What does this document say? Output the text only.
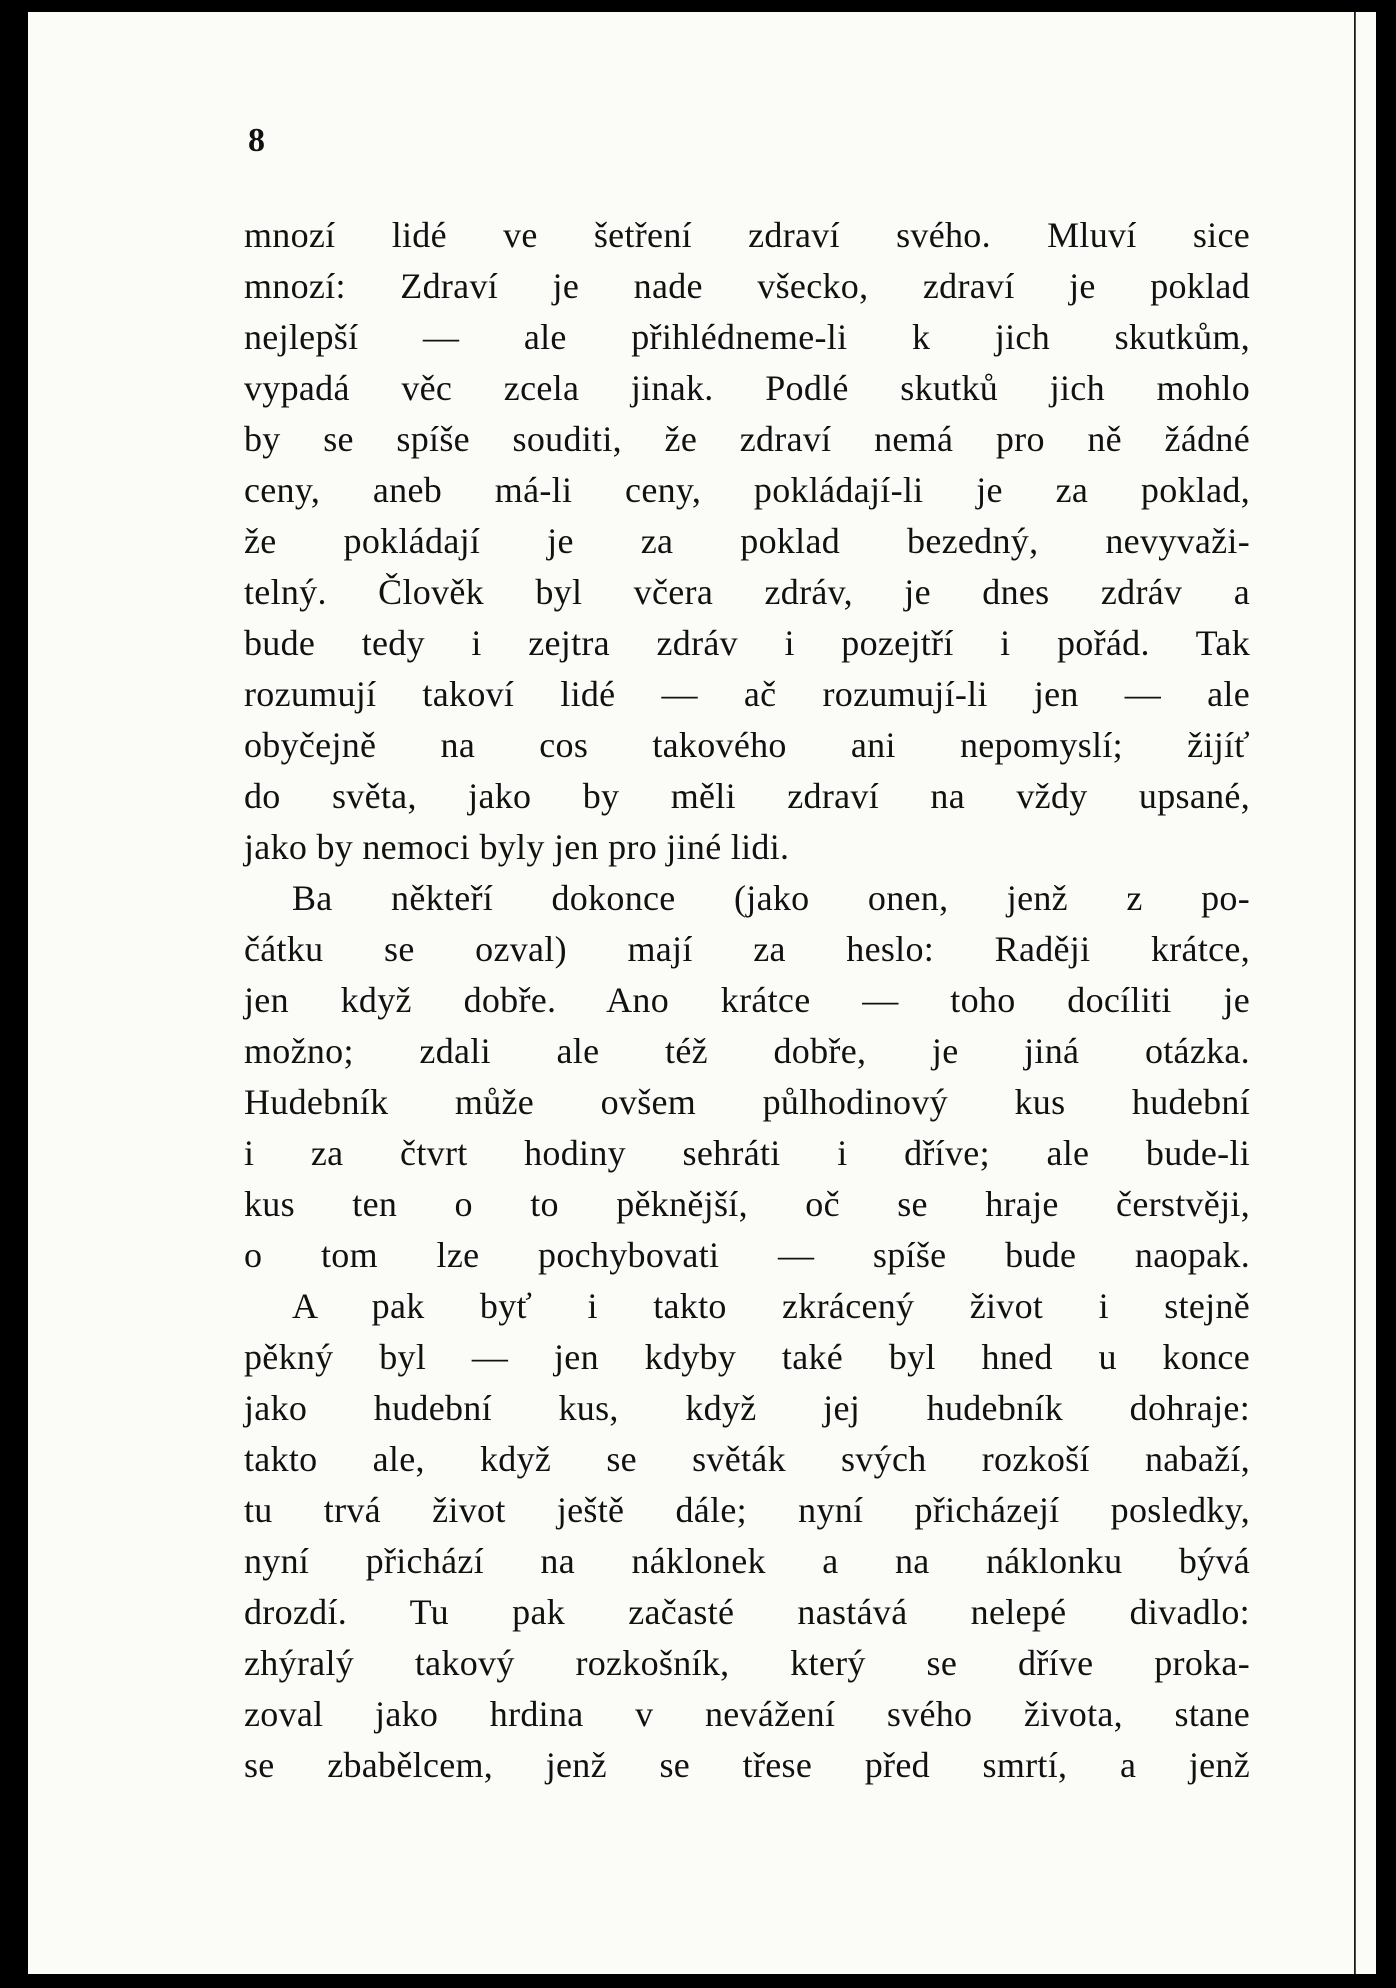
8
mnozí lidé ve šetření zdraví svého. Mluví sice
mnozí: Zdraví je nade všecko, zdraví je poklad
nejlepší — ale přihlédneme-li k jich skutkům,
vypadá věc zcela jinak. Podlé skutků jich mohlo
by se spíše souditi, že zdraví nemá pro ně žádné
ceny, aneb má-li ceny, pokládají-li je za poklad,
že pokládají je za poklad bezedný, nevyvaži-
telný. Člověk byl včera zdráv, je dnes zdráv a
bude tedy i zejtra zdráv i pozejtří i pořád. Tak
rozumují takoví lidé — ač rozumují-li jen — ale
obyčejně na cos takového ani nepomyslí; žijíť
do světa, jako by měli zdraví na vždy upsané,
jako by nemoci byly jen pro jiné lidi.
Ba někteří dokonce (jako onen, jenž z po-
čátku se ozval) mají za heslo: Raději krátce,
jen když dobře. Ano krátce — toho docíliti je
možno; zdali ale též dobře, je jiná otázka.
Hudebník může ovšem půlhodinový kus hudební
i za čtvrt hodiny sehráti i dříve; ale bude-li
kus ten o to pěknější, oč se hraje čerstvěji,
o tom lze pochybovati — spíše bude naopak.
A pak byť i takto zkrácený život i stejně
pěkný byl — jen kdyby také byl hned u konce
jako hudební kus, když jej hudebník dohraje:
takto ale, když se světák svých rozkoší nabaží,
tu trvá život ještě dále; nyní přicházejí posledky,
nyní přichází na náklonek a na náklonku bývá
drozdí. Tu pak začasté nastává nelepé divadlo:
zhýralý takový rozkošník, který se dříve proka-
zoval jako hrdina v nevážení svého života, stane
se zbabělcem, jenž se třese před smrtí, a jenž
